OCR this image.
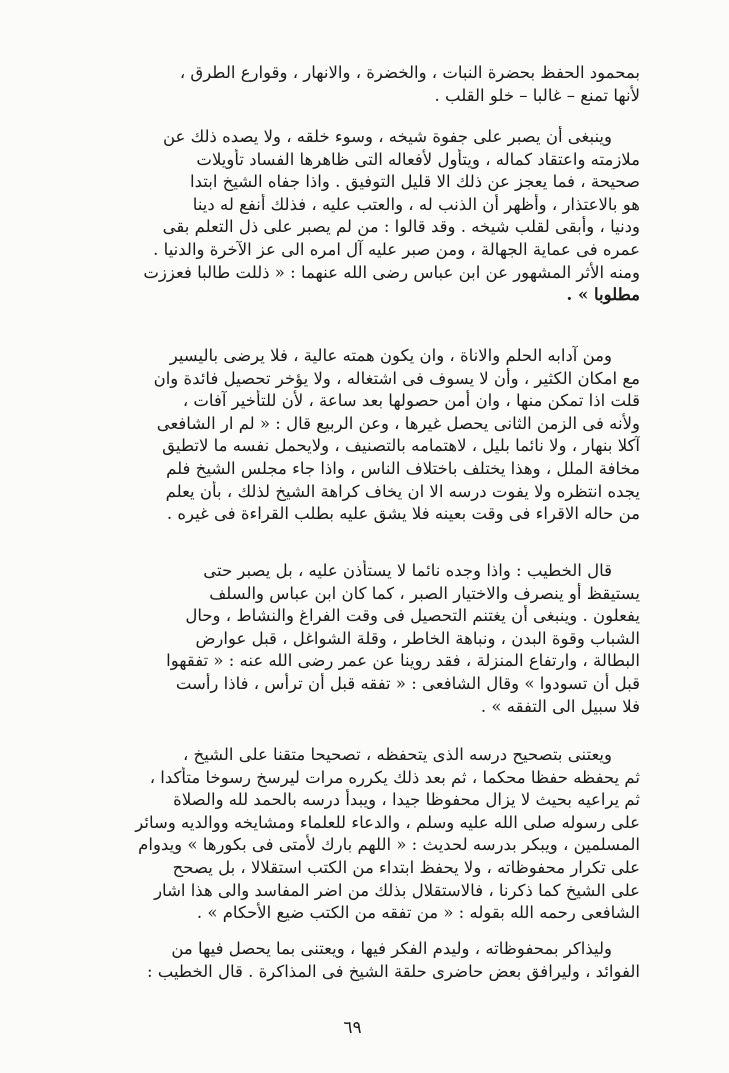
بمحمود الحفظ بحضرة النبات ، والخضرة ، والانهار ، وقوارع الطرق ،
لأنها تمنع – غالبا – خلو القلب .
وينبغى أن يصبر على جفوة شيخه ، وسوء خلقه ، ولا يصده ذلك عن
ملازمته واعتقاد كماله ، ويتأول لأفعاله التى ظاهرها الفساد تأويلات
صحيحة ، فما يعجز عن ذلك الا قليل التوفيق . واذا جفاه الشيخ ابتدا
هو بالاعتذار ، وأظهر أن الذنب له ، والعتب عليه ، فذلك أنفع له دينا
ودنيا ، وأبقى لقلب شيخه . وقد قالوا : من لم يصبر على ذل التعلم بقى
عمره فى عماية الجهالة ، ومن صبر عليه آل امره الى عز الآخرة والدنيا .
ومنه الأثر المشهور عن ابن عباس رضى الله عنهما : « ذللت طالبا فعززت
مطلوبا » .
ومن آدابه الحلم والاناة ، وان يكون همته عالية ، فلا يرضى باليسير
مع امكان الكثير ، وأن لا يسوف فى اشتغاله ، ولا يؤخر تحصيل فائدة وان
قلت اذا تمكن منها ، وان أمن حصولها بعد ساعة ، لأن للتأخير آفات ،
ولأنه فى الزمن الثانى يحصل غيرها ، وعن الربيع قال : « لم ار الشافعى
آكلا بنهار ، ولا نائما بليل ، لاهتمامه بالتصنيف ، ولايحمل نفسه ما لاتطيق
مخافة الملل ، وهذا يختلف باختلاف الناس ، واذا جاء مجلس الشيخ فلم
يجده انتظره ولا يفوت درسه الا ان يخاف كراهة الشيخ لذلك ، بأن يعلم
من حاله الاقراء فى وقت بعينه فلا يشق عليه بطلب القراءة فى غيره .
قال الخطيب : واذا وجده نائما لا يستأذن عليه ، بل يصبر حتى
يستيقظ أو ينصرف والاختيار الصبر ، كما كان ابن عباس والسلف
يفعلون . وينبغى أن يغتنم التحصيل فى وقت الفراغ والنشاط ، وحال
الشباب وقوة البدن ، ونباهة الخاطر ، وقلة الشواغل ، قبل عوارض
البطالة ، وارتفاع المنزلة ، فقد روينا عن عمر رضى الله عنه : « تفقهوا
قبل أن تسودوا » وقال الشافعى : « تفقه قبل أن ترأس ، فاذا رأست
فلا سبيل الى التفقه » .
ويعتنى بتصحيح درسه الذى يتحفظه ، تصحيحا متقنا على الشيخ ،
ثم يحفظه حفظا محكما ، ثم بعد ذلك يكرره مرات ليرسخ رسوخا متأكدا ،
ثم يراعيه بحيث لا يزال محفوظا جيدا ، ويبدأ درسه بالحمد لله والصلاة
على رسوله صلى الله عليه وسلم ، والدعاء للعلماء ومشايخه ووالديه وسائر
المسلمين ، ويبكر بدرسه لحديث : « اللهم بارك لأمتى فى بكورها » ويدوام
على تكرار محفوظاته ، ولا يحفظ ابتداء من الكتب استقلالا ، بل يصحح
على الشيخ كما ذكرنا ، فالاستقلال بذلك من اضر المفاسد والى هذا اشار
الشافعى رحمه الله بقوله : « من تفقه من الكتب ضيع الأحكام » .
وليذاكر بمحفوظاته ، وليدم الفكر فيها ، ويعتنى بما يحصل فيها من
الفوائد ، وليرافق بعض حاضرى حلقة الشيخ فى المذاكرة . قال الخطيب :
٦٩
